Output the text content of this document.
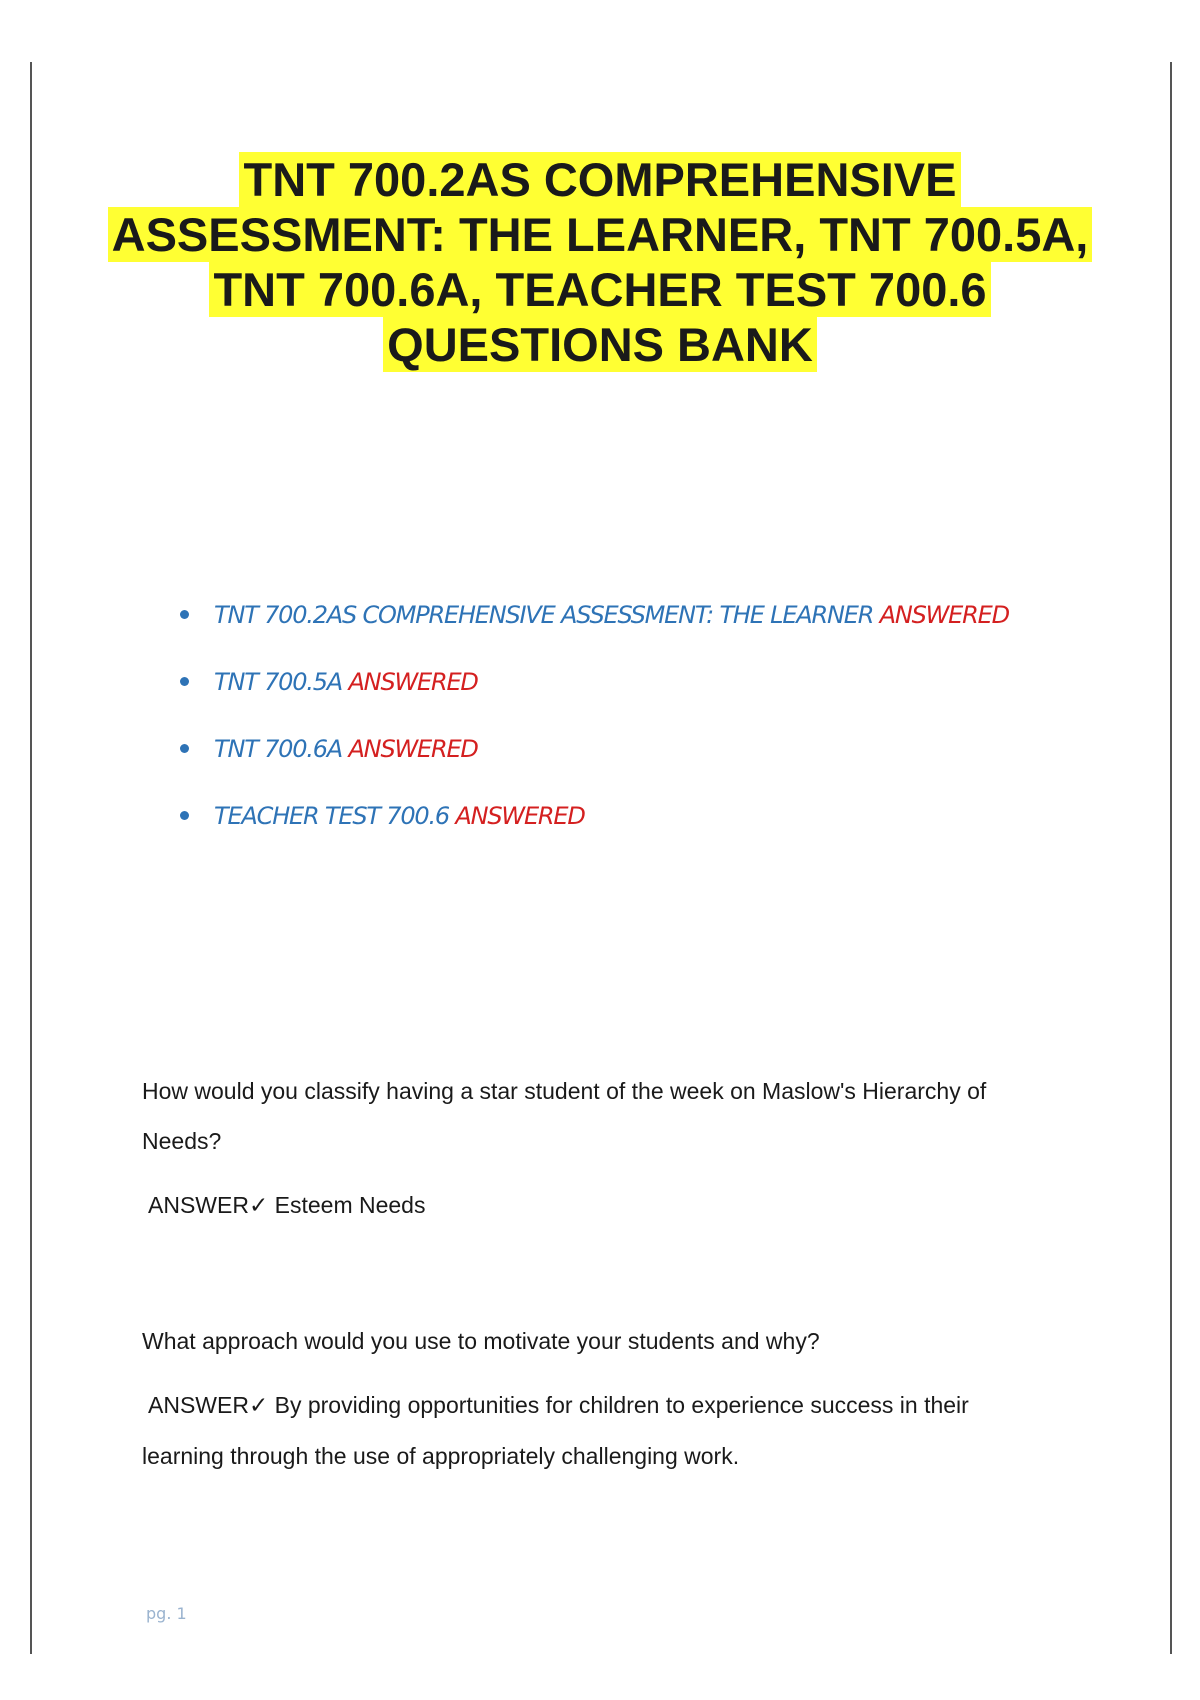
TNT 700.2AS COMPREHENSIVE
ASSESSMENT: THE LEARNER, TNT 700.5A,
TNT 700.6A, TEACHER TEST 700.6
QUESTIONS BANK
TNT 700.2AS COMPREHENSIVE ASSESSMENT: THE LEARNER ANSWERED
TNT 700.5A ANSWERED
TNT 700.6A ANSWERED
TEACHER TEST 700.6 ANSWERED
How would you classify having a star student of the week on Maslow's Hierarchy of
Needs?
ANSWER✓ Esteem Needs
What approach would you use to motivate your students and why?
ANSWER✓ By providing opportunities for children to experience success in their
learning through the use of appropriately challenging work.
pg. 1
